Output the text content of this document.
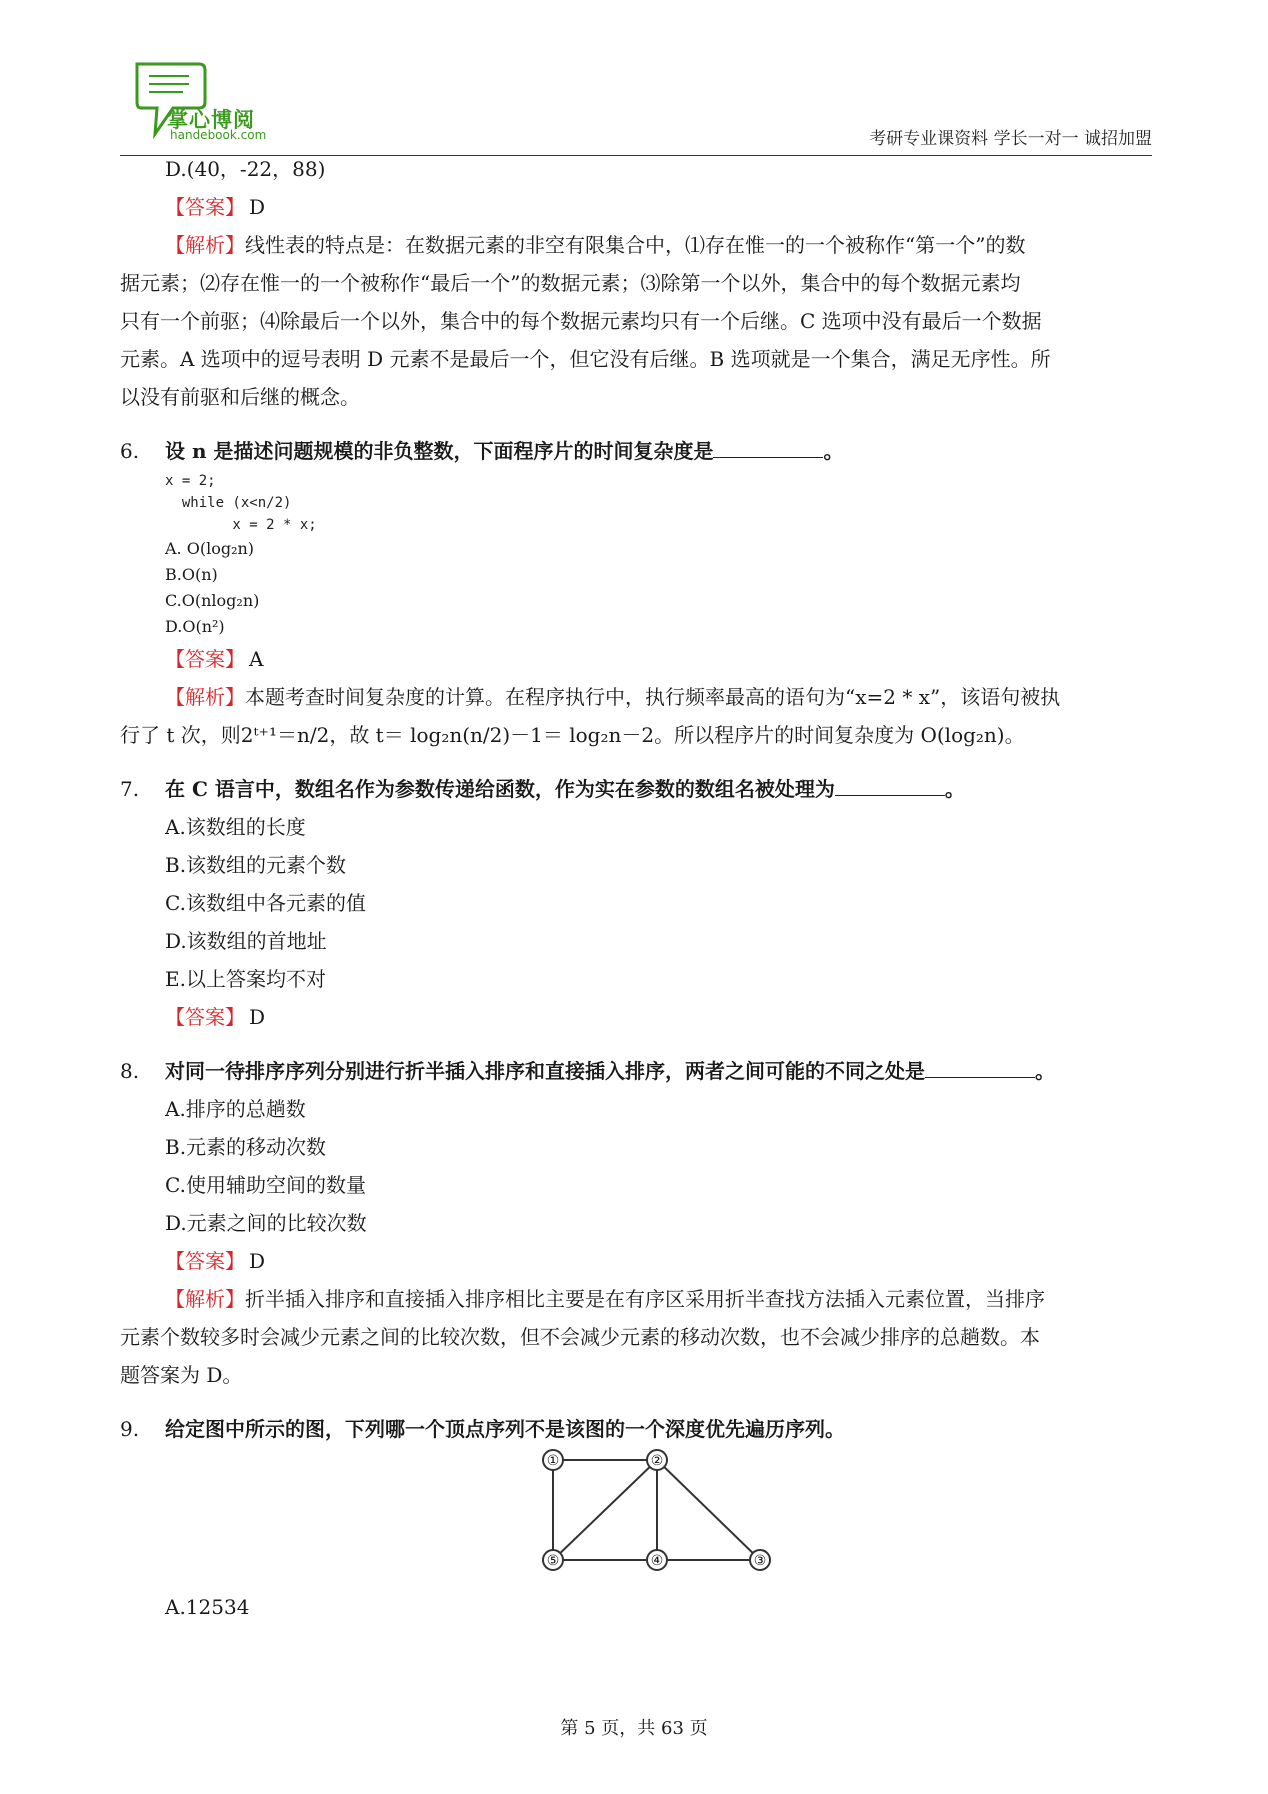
掌心博阅
handebook.com	考研专业课资料 学长一对一 诚招加盟
D.(40，-22，88)
【答案】 D
【解析】线性表的特点是：在数据元素的非空有限集合中，⑴存在惟一的一个被称作“第一个”的数
据元素；⑵存在惟一的一个被称作“最后一个”的数据元素；⑶除第一个以外，集合中的每个数据元素均
只有一个前驱；⑷除最后一个以外，集合中的每个数据元素均只有一个后继。C 选项中没有最后一个数据
元素。A 选项中的逗号表明 D 元素不是最后一个，但它没有后继。B 选项就是一个集合，满足无序性。所
以没有前驱和后继的概念。
6. 设 n 是描述问题规模的非负整数，下面程序片的时间复杂度是	。
x = 2;
while (x<n/2)
x = 2 * x;
A. O(log₂n)
B.O(n)
C.O(nlog₂n)
D.O(n²)
【答案】 A
【解析】本题考查时间复杂度的计算。在程序执行中，执行频率最高的语句为“x=2 * x”，该语句被执
行了 t 次，则2ᵗ⁺¹＝n/2，故 t＝ log₂n(n/2)－1＝ log₂n－2。所以程序片的时间复杂度为 O(log₂n)。
7. 在 C 语言中，数组名作为参数传递给函数，作为实在参数的数组名被处理为	。
A.该数组的长度
B.该数组的元素个数
C.该数组中各元素的值
D.该数组的首地址
E.以上答案均不对
【答案】 D
8. 对同一待排序序列分别进行折半插入排序和直接插入排序，两者之间可能的不同之处是	。
A.排序的总趟数
B.元素的移动次数
C.使用辅助空间的数量
D.元素之间的比较次数
【答案】 D
【解析】折半插入排序和直接插入排序相比主要是在有序区采用折半查找方法插入元素位置，当排序
元素个数较多时会减少元素之间的比较次数，但不会减少元素的移动次数，也不会减少排序的总趟数。本
题答案为 D。
9. 给定图中所示的图，下列哪一个顶点序列不是该图的一个深度优先遍历序列。
①	②
③
④
⑤
A.12534
第 5 页，共 63 页
